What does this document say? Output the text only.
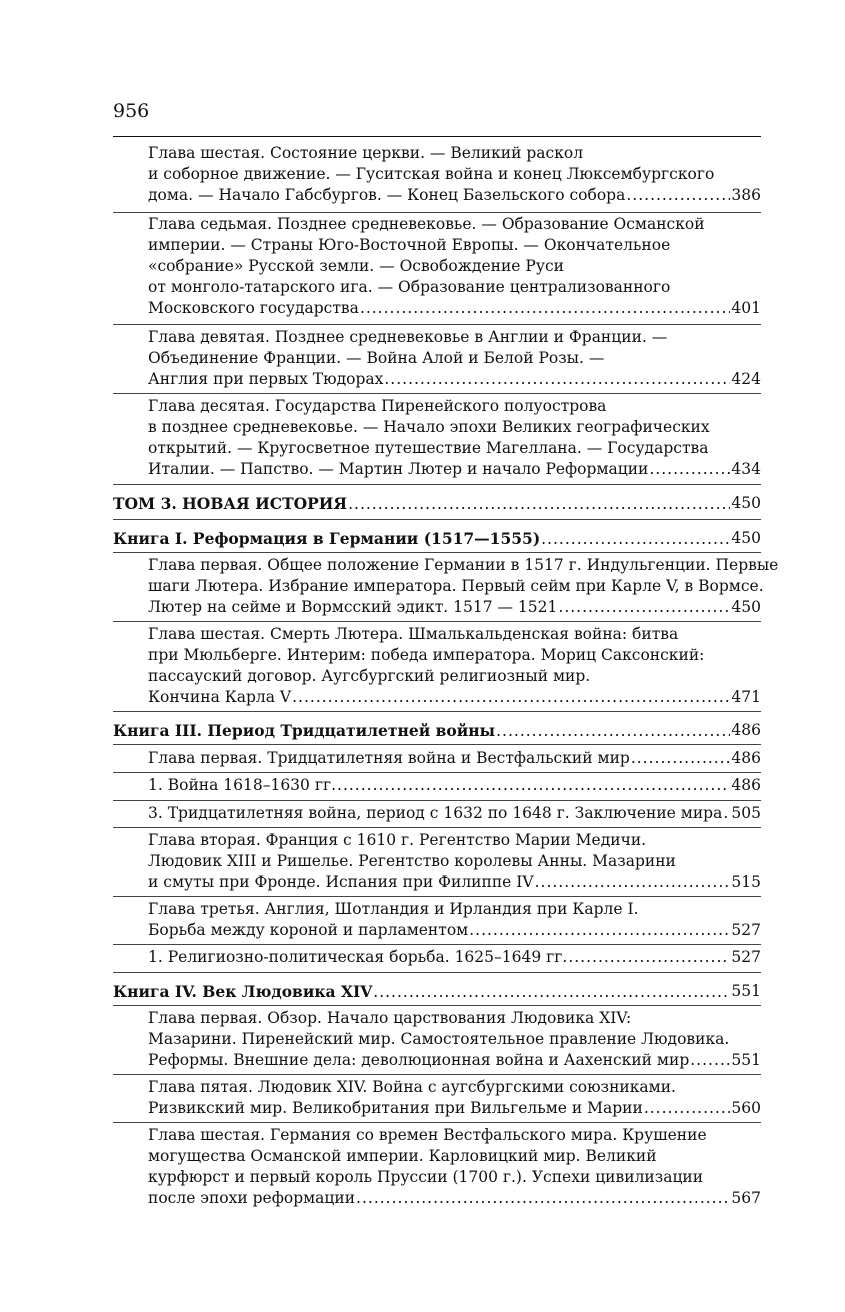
956
Глава шестая. Состояние церкви. — Великий раскол
и соборное движение. — Гуситская война и конец Люксембургского
дома. — Начало Габсбургов. — Конец Базельского собора .....	386
Глава седьмая. Позднее средневековье. — Образование Османской
империи. — Страны Юго-Восточной Европы. — Окончательное
«собрание» Русской земли. — Освобождение Руси
от монголо-татарского ига. — Образование централизованного
Московского государства .....	401
Глава девятая. Позднее средневековье в Англии и Франции. —
Объединение Франции. — Война Алой и Белой Розы. —
Англия при первых Тюдорах .....	424
Глава десятая. Государства Пиренейского полуострова
в позднее средневековье. — Начало эпохи Великих географических
открытий. — Кругосветное путешествие Магеллана. — Государства
Италии. — Папство. — Мартин Лютер и начало Реформации .....	434
ТОМ 3. НОВАЯ ИСТОРИЯ .....	450
Книга I. Реформация в Германии (1517—1555) .....	450
Глава первая. Общее положение Германии в 1517 г. Индульгенции. Первые
шаги Лютера. Избрание императора. Первый сейм при Карле V, в Вормсе.
Лютер на сейме и Вормсский эдикт. 1517 — 1521 .....	450
Глава шестая. Смерть Лютера. Шмалькальденская война: битва
при Мюльберге. Интерим: победа императора. Мориц Саксонский:
пассауский договор. Аугсбургский религиозный мир.
Кончина Карла V .....	471
Книга III. Период Тридцатилетней войны .....	486
Глава первая. Тридцатилетняя война и Вестфальский мир .....	486
1. Война 1618–1630 гг. .....	486
3. Тридцатилетняя война, период с 1632 по 1648 г. Заключение мира ..... 505
Глава вторая. Франция с 1610 г. Регентство Марии Медичи.
Людовик XIII и Ришелье. Регентство королевы Анны. Мазарини
и смуты при Фронде. Испания при Филиппе IV .....	515
Глава третья. Англия, Шотландия и Ирландия при Карле I.
Борьба между короной и парламентом .....	527
1. Религиозно-политическая борьба. 1625–1649 гг. .....	527
Книга IV. Век Людовика XIV .....	551
Глава первая. Обзор. Начало царствования Людовика XIV:
Мазарини. Пиренейский мир. Самостоятельное правление Людовика.
Реформы. Внешние дела: деволюционная война и Аахенский мир .....	551
Глава пятая. Людовик XIV. Война с аугсбургскими союзниками.
Ризвикский мир. Великобритания при Вильгельме и Марии .....	560
Глава шестая. Германия со времен Вестфальского мира. Крушение
могущества Османской империи. Карловицкий мир. Великий
курфюрст и первый король Пруссии (1700 г.). Успехи цивилизации
после эпохи реформации .....	567
